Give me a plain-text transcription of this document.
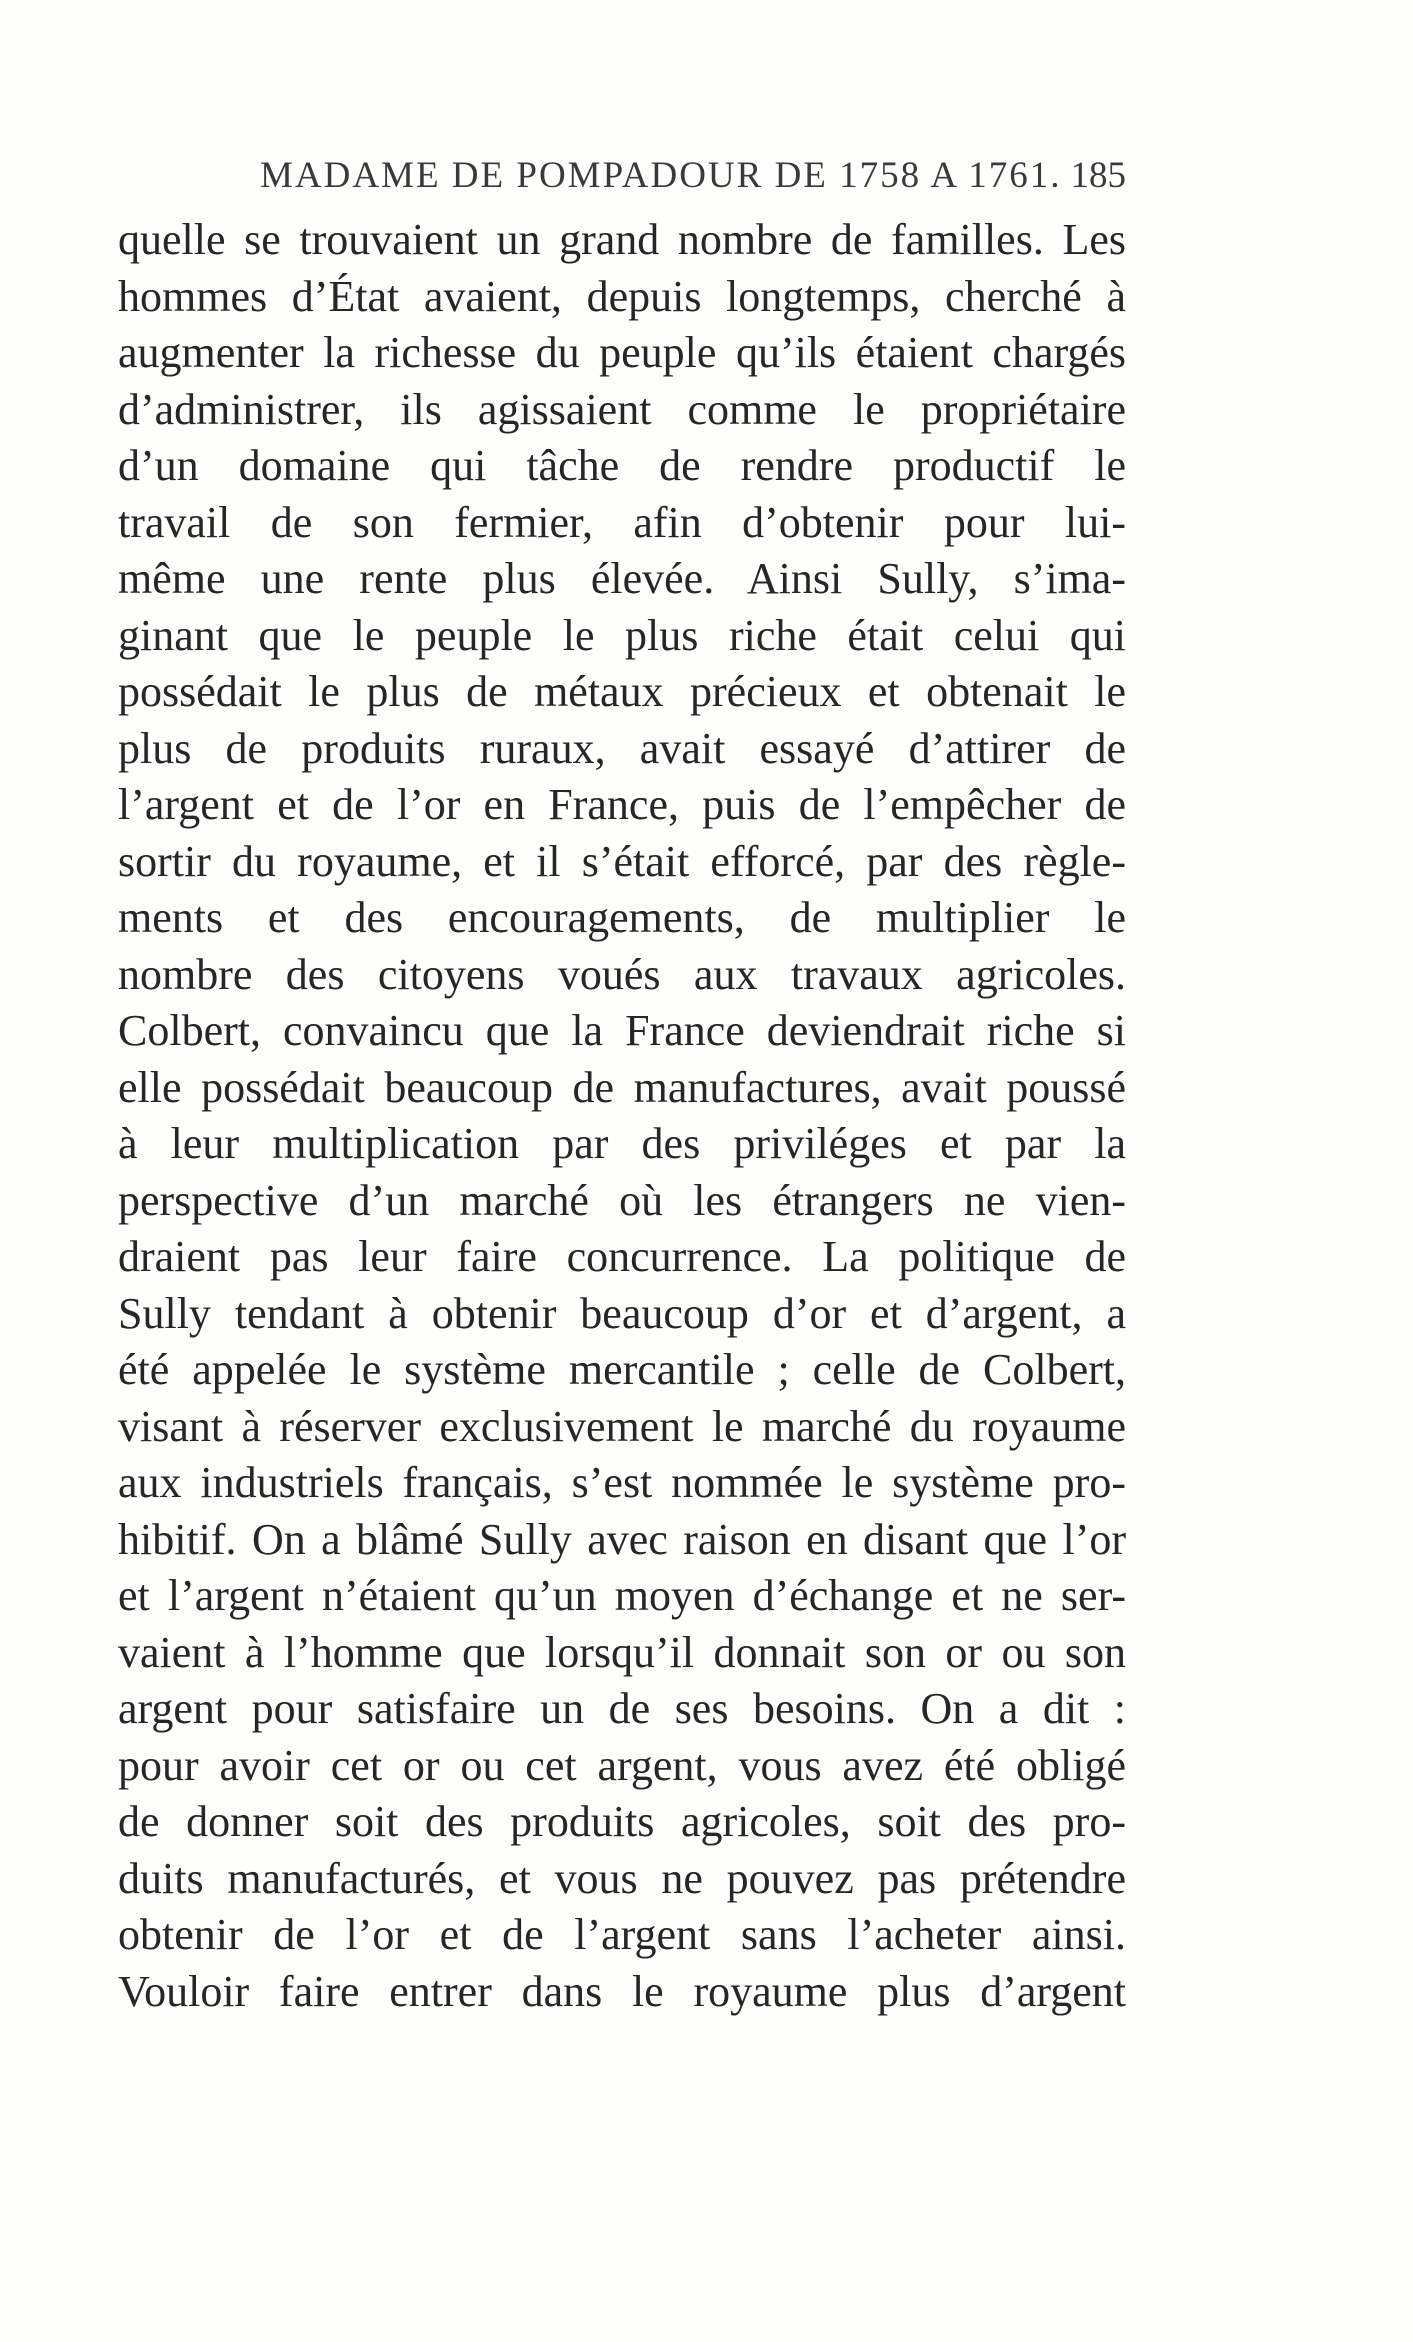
MADAME DE POMPADOUR DE 1758 A 1761. 185
quelle se trouvaient un grand nombre de familles. Les
hommes d’État avaient, depuis longtemps, cherché à
augmenter la richesse du peuple qu’ils étaient chargés
d’administrer, ils agissaient comme le propriétaire
d’un domaine qui tâche de rendre productif le
travail de son fermier, afin d’obtenir pour lui-
même une rente plus élevée. Ainsi Sully, s’ima-
ginant que le peuple le plus riche était celui qui
possédait le plus de métaux précieux et obtenait le
plus de produits ruraux, avait essayé d’attirer de
l’argent et de l’or en France, puis de l’empêcher de
sortir du royaume, et il s’était efforcé, par des règle-
ments et des encouragements, de multiplier le
nombre des citoyens voués aux travaux agricoles.
Colbert, convaincu que la France deviendrait riche si
elle possédait beaucoup de manufactures, avait poussé
à leur multiplication par des priviléges et par la
perspective d’un marché où les étrangers ne vien-
draient pas leur faire concurrence. La politique de
Sully tendant à obtenir beaucoup d’or et d’argent, a
été appelée le système mercantile ; celle de Colbert,
visant à réserver exclusivement le marché du royaume
aux industriels français, s’est nommée le système pro-
hibitif. On a blâmé Sully avec raison en disant que l’or
et l’argent n’étaient qu’un moyen d’échange et ne ser-
vaient à l’homme que lorsqu’il donnait son or ou son
argent pour satisfaire un de ses besoins. On a dit :
pour avoir cet or ou cet argent, vous avez été obligé
de donner soit des produits agricoles, soit des pro-
duits manufacturés, et vous ne pouvez pas prétendre
obtenir de l’or et de l’argent sans l’acheter ainsi.
Vouloir faire entrer dans le royaume plus d’argent
